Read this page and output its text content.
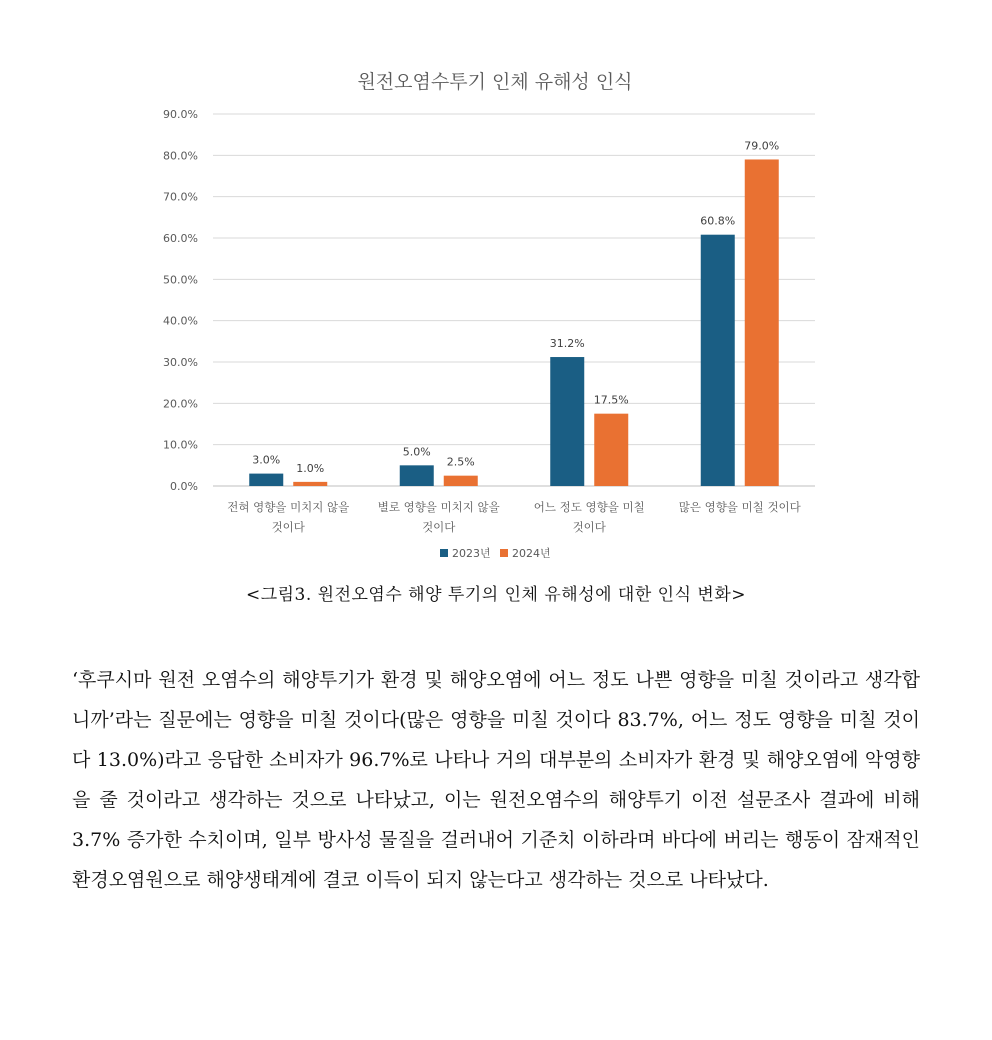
원전오염수투기 인체 유해성 인식
0.0%
10.0%
20.0%
30.0%
40.0%
50.0%
60.0%
70.0%
80.0%
90.0%
3.0%
1.0%
5.0%
2.5%
31.2%
17.5%
60.8%
79.0%
전혀 영향을 미치지 않을
것이다
별로 영향을 미치지 않을
것이다
어느 정도 영향을 미칠
것이다
많은 영향을 미칠 것이다
2023년 2024년
<그림3. 원전오염수 해양 투기의 인체 유해성에 대한 인식 변화>

‘후쿠시마 원전 오염수의 해양투기가 환경 및 해양오염에 어느 정도 나쁜 영향을 미칠 것이라고 생각합니까’라는 질문에는 영향을 미칠 것이다(많은 영향을 미칠 것이다 83.7%, 어느 정도 영향을 미칠 것이다 13.0%)라고 응답한 소비자가 96.7%로 나타나 거의 대부분의 소비자가 환경 및 해양오염에 악영향을 줄 것이라고 생각하는 것으로 나타났고, 이는 원전오염수의 해양투기 이전 설문조사 결과에 비해 3.7% 증가한 수치이며, 일부 방사성 물질을 걸러내어 기준치 이하라며 바다에 버리는 행동이 잠재적인 환경오염원으로 해양생태계에 결코 이득이 되지 않는다고 생각하는 것으로 나타났다.
